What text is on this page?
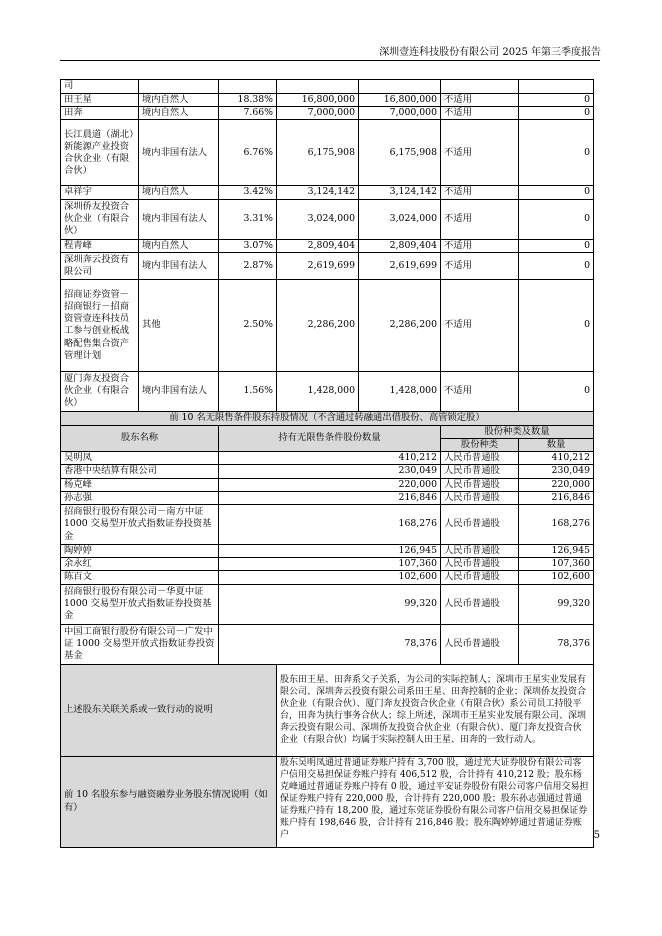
深圳壹连科技股份有限公司 2025 年第三季度报告
司						
田王星	境内自然人	18.38%	16,800,000	16,800,000	不适用	0
田奔	境内自然人	7.66%	7,000,000	7,000,000	不适用	0
长江晨道（湖北）新能源产业投资合伙企业（有限合伙）	境内非国有法人	6.76%	6,175,908	6,175,908	不适用	0
卓祥宇	境内自然人	3.42%	3,124,142	3,124,142	不适用	0
深圳侨友投资合伙企业（有限合伙）	境内非国有法人	3.31%	3,024,000	3,024,000	不适用	0
程青峰	境内自然人	3.07%	2,809,404	2,809,404	不适用	0
深圳奔云投资有限公司	境内非国有法人	2.87%	2,619,699	2,619,699	不适用	0
招商证券资管－招商银行－招商资管壹连科技员工参与创业板战略配售集合资产管理计划	其他	2.50%	2,286,200	2,286,200	不适用	0
厦门奔友投资合伙企业（有限合伙）	境内非国有法人	1.56%	1,428,000	1,428,000	不适用	0
前 10 名无限售条件股东持股情况（不含通过转融通出借股份、高管锁定股）						
股东名称		持有无限售条件股份数量			股份种类及数量	
					股份种类	数量
吴明凤		410,212			人民币普通股	410,212
香港中央结算有限公司		230,049			人民币普通股	230,049
杨克峰		220,000			人民币普通股	220,000
孙志强		216,846			人民币普通股	216,846
招商银行股份有限公司－南方中证 1000 交易型开放式指数证券投资基金		168,276			人民币普通股	168,276
陶婷婷		126,945			人民币普通股	126,945
余永红		107,360			人民币普通股	107,360
陈百文		102,600			人民币普通股	102,600
招商银行股份有限公司－华夏中证 1000 交易型开放式指数证券投资基金		99,320			人民币普通股	99,320
中国工商银行股份有限公司－广发中证 1000 交易型开放式指数证券投资基金		78,376			人民币普通股	78,376
上述股东关联关系或一致行动的说明			股东田王星、田奔系父子关系，为公司的实际控制人；深圳市王星实业发展有限公司、深圳奔云投资有限公司系田王星、田奔控制的企业；深圳侨友投资合伙企业（有限合伙）、厦门奔友投资合伙企业（有限合伙）系公司员工持股平台，田奔为执行事务合伙人；综上所述，深圳市王星实业发展有限公司、深圳奔云投资有限公司、深圳侨友投资合伙企业（有限合伙）、厦门奔友投资合伙企业（有限合伙）均属于实际控制人田王星、田奔的一致行动人。			
前 10 名股东参与融资融券业务股东情况说明（如有）			股东吴明凤通过普通证券账户持有 3,700 股，通过光大证券股份有限公司客户信用交易担保证券账户持有 406,512 股，合计持有 410,212 股；股东杨克峰通过普通证券账户持有 0 股，通过平安证券股份有限公司客户信用交易担保证券账户持有 220,000 股，合计持有 220,000 股；股东孙志强通过普通证券账户持有 18,200 股，通过东莞证券股份有限公司客户信用交易担保证券账户持有 198,646 股，合计持有 216,846 股；股东陶婷婷通过普通证券账户				5
